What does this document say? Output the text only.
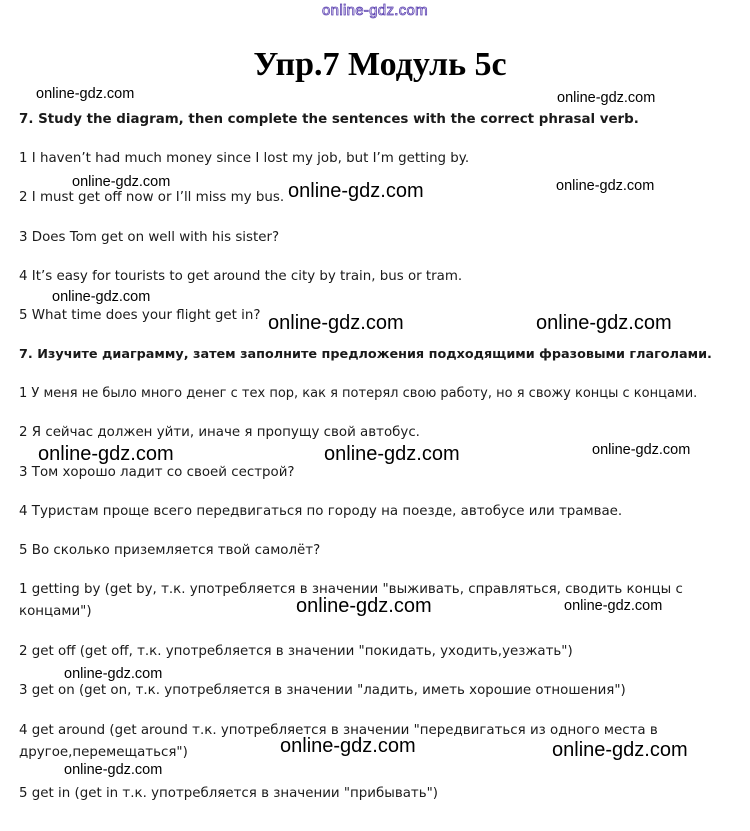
online-gdz.com
Упр.7 Модуль 5с
7. Study the diagram, then complete the sentences with the correct phrasal verb.
1 I haven’t had much money since I lost my job, but I’m getting by.
2 I must get off now or I’ll miss my bus.
3 Does Tom get on well with his sister?
4 It’s easy for tourists to get around the city by train, bus or tram.
5 What time does your flight get in?
7. Изучите диаграмму, затем заполните предложения подходящими фразовыми глаголами.
1 У меня не было много денег с тех пор, как я потерял свою работу, но я свожу концы с концами.
2 Я сейчас должен уйти, иначе я пропущу свой автобус.
3 Том хорошо ладит со своей сестрой?
4 Туристам проще всего передвигаться по городу на поезде, автобусе или трамвае.
5 Во сколько приземляется твой самолёт?
1 getting by (get by, т.к. употребляется в значении "выживать, справляться, сводить концы с концами")
2 get off (get off, т.к. употребляется в значении "покидать, уходить,уезжать")
3 get on (get on, т.к. употребляется в значении "ладить, иметь хорошие отношения")
4 get around (get around т.к. употребляется в значении "передвигаться из одного места в другое,перемещаться")
5 get in (get in т.к. употребляется в значении "прибывать")
online-gdz.com	online-gdz.com
online-gdz.com	online-gdz.com	online-gdz.com
online-gdz.com
online-gdz.com	online-gdz.com
online-gdz.com
online-gdz.com	online-gdz.com
online-gdz.com	online-gdz.com
online-gdz.com
online-gdz.com	online-gdz.com
online-gdz.com
